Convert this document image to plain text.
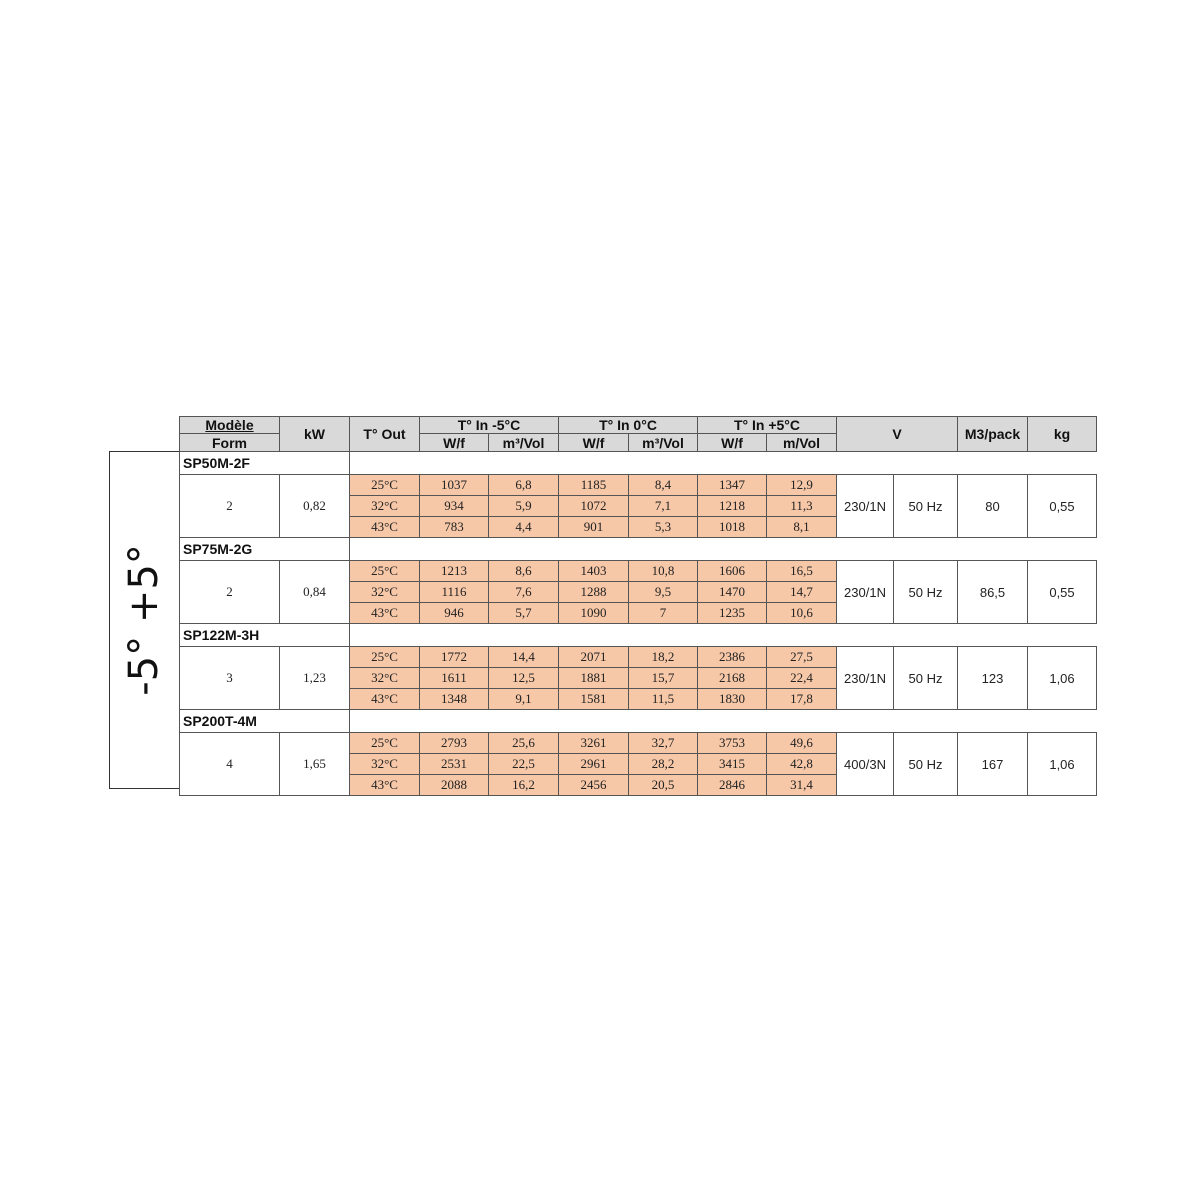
-5° +5°
Modèle
Form
kW	T° Out
T° In -5°C	T° In 0°C	T° In +5°C
W/f	m³/Vol	W/f	m³/Vol	W/f	m/Vol
V	M3/pack	kg
SP50M-2F
2	0,82
25°C	1037	6,8	1185	8,4	1347	12,9
32°C	934	5,9	1072	7,1	1218	11,3
43°C	783	4,4	901	5,3	1018	8,1
230/1N	50 Hz	80	0,55
SP75M-2G
2	0,84
25°C	1213	8,6	1403	10,8	1606	16,5
32°C	1116	7,6	1288	9,5	1470	14,7
43°C	946	5,7	1090	7	1235	10,6
230/1N	50 Hz	86,5	0,55
SP122M-3H
3	1,23
25°C	1772	14,4	2071	18,2	2386	27,5
32°C	1611	12,5	1881	15,7	2168	22,4
43°C	1348	9,1	1581	11,5	1830	17,8
230/1N	50 Hz	123	1,06
SP200T-4M
4	1,65
25°C	2793	25,6	3261	32,7	3753	49,6
32°C	2531	22,5	2961	28,2	3415	42,8
43°C	2088	16,2	2456	20,5	2846	31,4
400/3N	50 Hz	167	1,06
